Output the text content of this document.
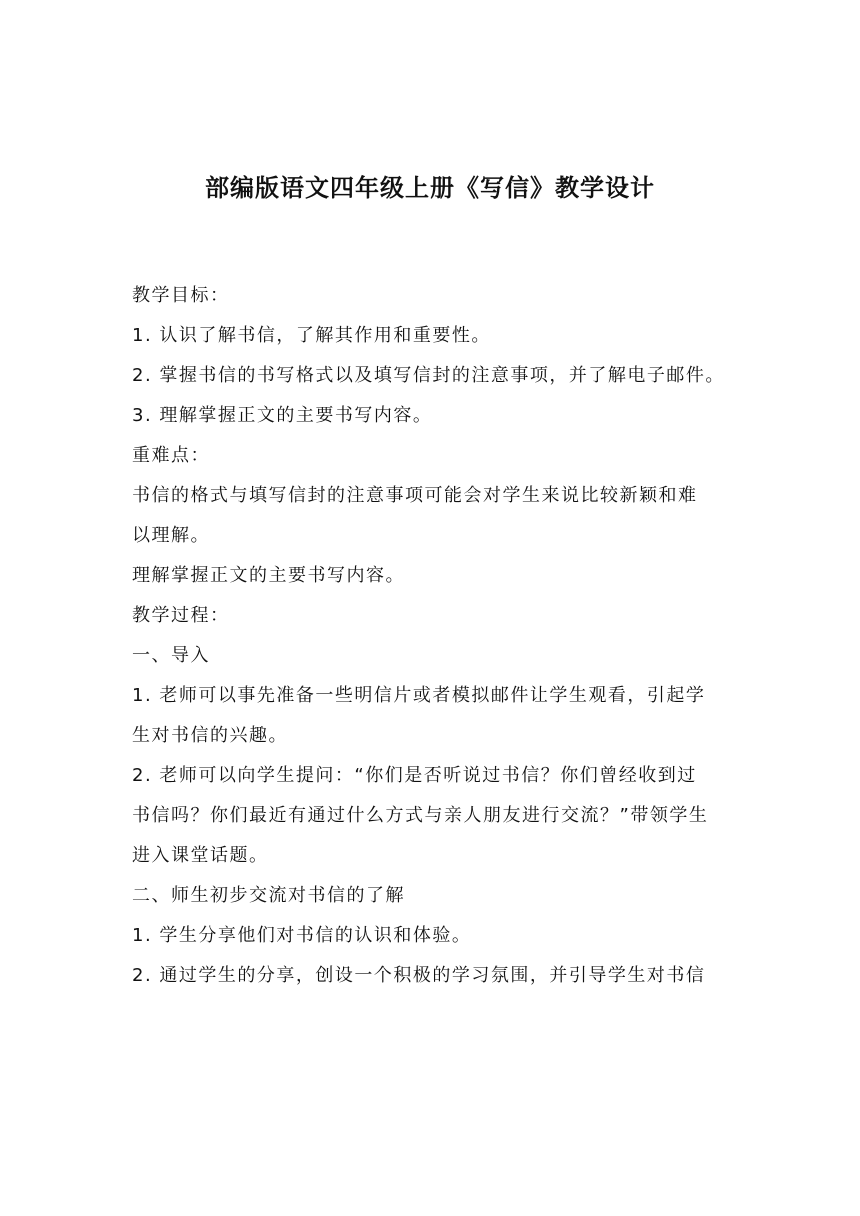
部编版语文四年级上册《写信》教学设计

教学目标：

1. 认识了解书信，了解其作用和重要性。

2. 掌握书信的书写格式以及填写信封的注意事项，并了解电子邮件。

3. 理解掌握正文的主要书写内容。

重难点：

书信的格式与填写信封的注意事项可能会对学生来说比较新颖和难

以理解。

理解掌握正文的主要书写内容。

教学过程：

一、导入

1. 老师可以事先准备一些明信片或者模拟邮件让学生观看，引起学

生对书信的兴趣。

2. 老师可以向学生提问：“你们是否听说过书信？你们曾经收到过

书信吗？你们最近有通过什么方式与亲人朋友进行交流？”带领学生

进入课堂话题。

二、师生初步交流对书信的了解

1. 学生分享他们对书信的认识和体验。

2. 通过学生的分享，创设一个积极的学习氛围，并引导学生对书信
